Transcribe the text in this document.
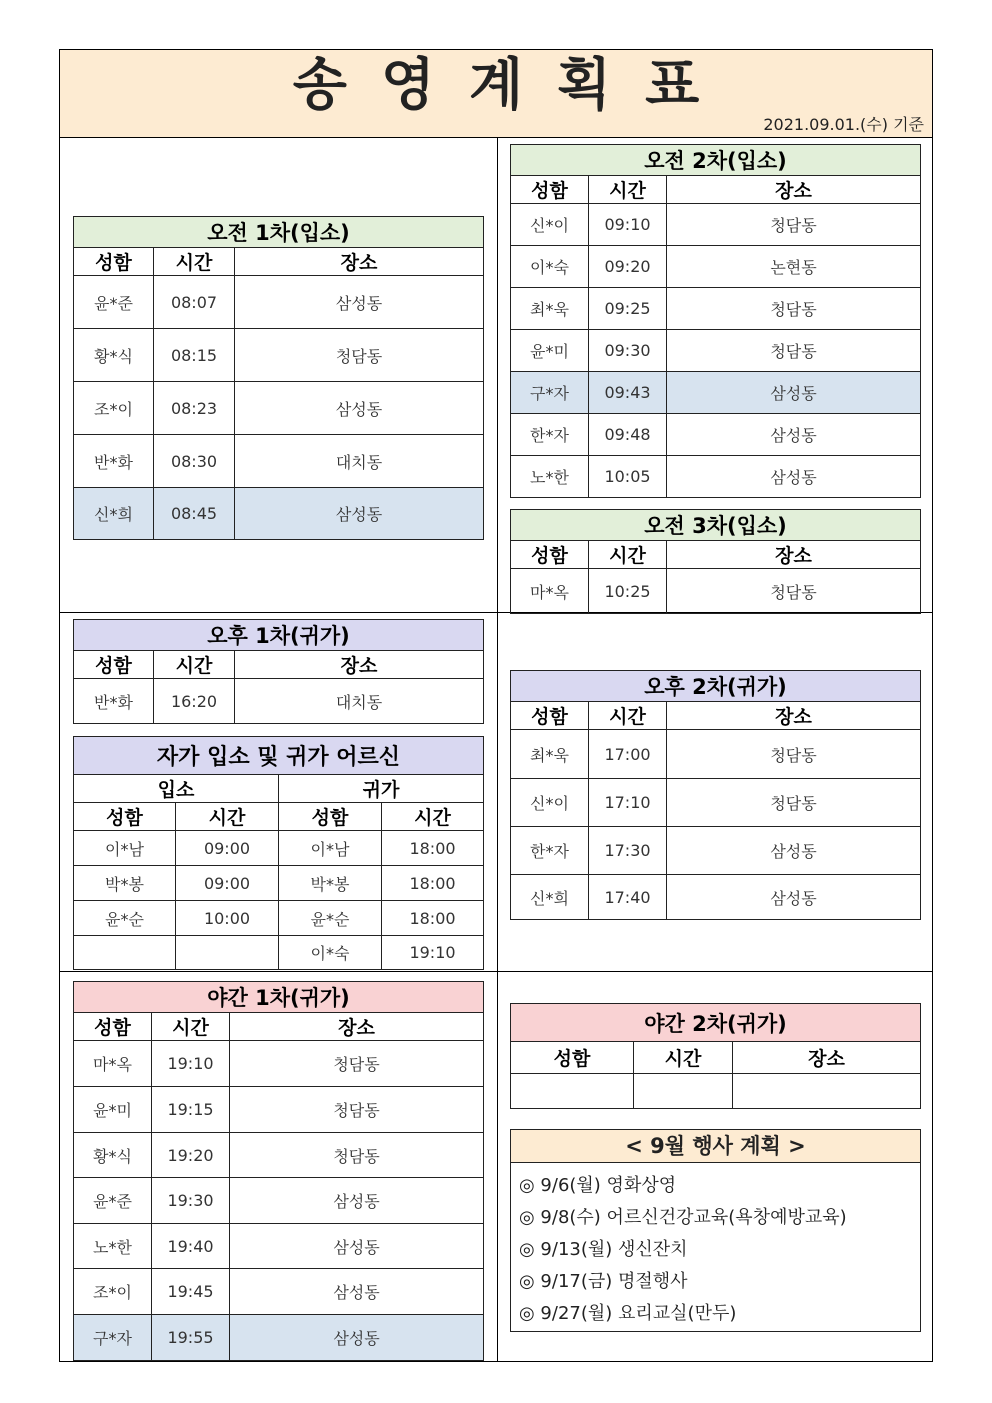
송영계획표
2021.09.01.(수) 기준
오전 1차(입소)		
성함	시간	장소
윤*준	08:07	삼성동
황*식	08:15	청담동
조*이	08:23	삼성동
반*화	08:30	대치동
신*희	08:45	삼성동
오전 2차(입소)		
성함	시간	장소
신*이	09:10	청담동
이*숙	09:20	논현동
최*욱	09:25	청담동
윤*미	09:30	청담동
구*자	09:43	삼성동
한*자	09:48	삼성동
노*한	10:05	삼성동
오전 3차(입소)		
성함	시간	장소
마*옥	10:25	청담동
오후 1차(귀가)		
성함	시간	장소
반*화	16:20	대치동
자가 입소 및 귀가 어르신			
입소		귀가	
성함	시간	성함	시간
이*남	09:00	이*남	18:00
박*봉	09:00	박*봉	18:00
윤*순	10:00	윤*순	18:00
		이*숙	19:10
오후 2차(귀가)		
성함	시간	장소
최*욱	17:00	청담동
신*이	17:10	청담동
한*자	17:30	삼성동
신*희	17:40	삼성동
야간 1차(귀가)		
성함	시간	장소
마*옥	19:10	청담동
윤*미	19:15	청담동
황*식	19:20	청담동
윤*준	19:30	삼성동
노*한	19:40	삼성동
조*이	19:45	삼성동
구*자	19:55	삼성동
야간 2차(귀가)		
성함	시간	장소

< 9월 행사 계획 >
◎ 9/6(월) 영화상영
◎ 9/8(수) 어르신건강교육(욕창예방교육)
◎ 9/13(월) 생신잔치
◎ 9/17(금) 명절행사
◎ 9/27(월) 요리교실(만두)
